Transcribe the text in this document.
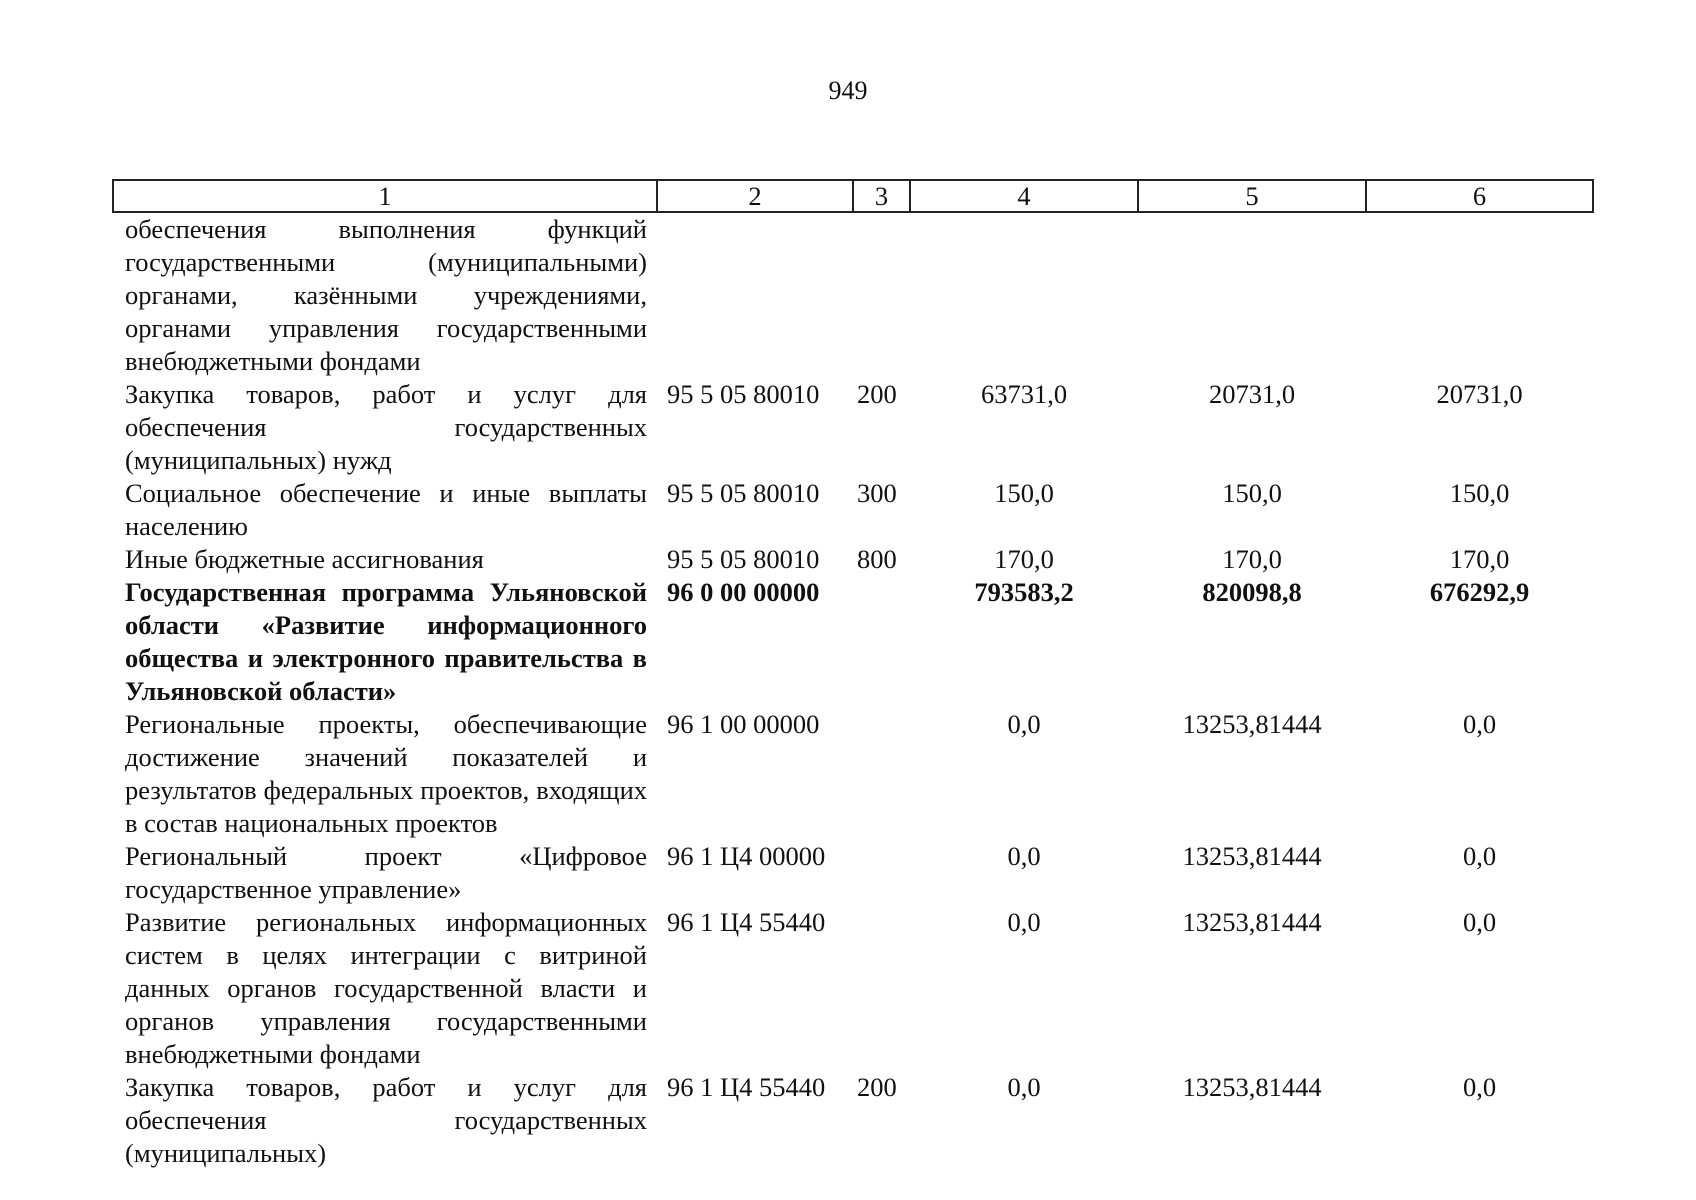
949
1	2	3	4	5	6
обеспечения выполнения функций государственными (муниципальными) органами, казёнными учреждениями, органами управления государственными внебюджетными фондами					
Закупка товаров, работ и услуг для обеспечения государственных (муниципальных) нужд	95 5 05 80010	200	63731,0	20731,0	20731,0
Социальное обеспечение и иные выплаты населению	95 5 05 80010	300	150,0	150,0	150,0
Иные бюджетные ассигнования	95 5 05 80010	800	170,0	170,0	170,0
Государственная программа Ульяновской области «Развитие информационного общества и электронного правительства в Ульяновской области»	96 0 00 00000		793583,2	820098,8	676292,9
Региональные проекты, обеспечивающие достижение значений показателей и результатов федеральных проектов, входящих в состав национальных проектов	96 1 00 00000		0,0	13253,81444	0,0
Региональный проект «Цифровое государственное управление»	96 1 Ц4 00000		0,0	13253,81444	0,0
Развитие региональных информационных систем в целях интеграции с витриной данных органов государственной власти и органов управления государственными внебюджетными фондами	96 1 Ц4 55440		0,0	13253,81444	0,0
Закупка товаров, работ и услуг для обеспечения государственных (муниципальных)	96 1 Ц4 55440	200	0,0	13253,81444	0,0
